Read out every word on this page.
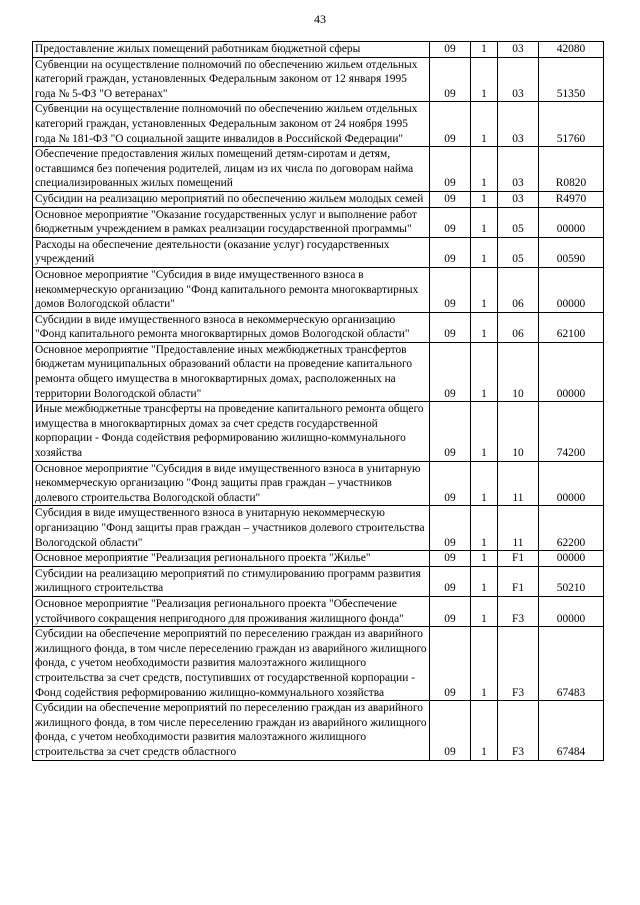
43
Предоставление жилых помещений работникам бюджетной сферы	09	1	03	42080
Субвенции на осуществление полномочий по обеспечению жильем отдельных категорий граждан, установленных Федеральным законом от 12 января 1995 года № 5-ФЗ "О ветеранах"	09	1	03	51350
Субвенции на осуществление полномочий по обеспечению жильем отдельных категорий граждан, установленных Федеральным законом от 24 ноября 1995 года № 181-ФЗ "О социальной защите инвалидов в Российской Федерации"	09	1	03	51760
Обеспечение предоставления жилых помещений детям-сиротам и детям, оставшимся без попечения родителей, лицам из их числа по договорам найма специализированных жилых помещений	09	1	03	R0820
Субсидии на реализацию мероприятий по обеспечению жильем молодых семей	09	1	03	R4970
Основное мероприятие "Оказание государственных услуг и выполнение работ бюджетным учреждением в рамках реализации государственной программы"	09	1	05	00000
Расходы на обеспечение деятельности (оказание услуг) государственных учреждений	09	1	05	00590
Основное мероприятие "Субсидия в виде имущественного взноса в некоммерческую организацию "Фонд капитального ремонта многоквартирных домов Вологодской области"	09	1	06	00000
Субсидии в виде имущественного взноса в некоммерческую организацию "Фонд капитального ремонта многоквартирных домов Вологодской области"	09	1	06	62100
Основное мероприятие "Предоставление иных межбюджетных трансфертов бюджетам муниципальных образований области на проведение капитального ремонта общего имущества в многоквартирных домах, расположенных на территории Вологодской области"	09	1	10	00000
Иные межбюджетные трансферты на проведение капитального ремонта общего имущества в многоквартирных домах за счет средств государственной корпорации - Фонда содействия реформированию жилищно-коммунального хозяйства	09	1	10	74200
Основное мероприятие "Субсидия в виде имущественного взноса в унитарную некоммерческую организацию "Фонд защиты прав граждан – участников долевого строительства Вологодской области"	09	1	11	00000
Субсидия в виде имущественного взноса в унитарную некоммерческую организацию "Фонд защиты прав граждан – участников долевого строительства Вологодской области"	09	1	11	62200
Основное мероприятие "Реализация регионального проекта "Жилье"	09	1	F1	00000
Субсидии на реализацию мероприятий по стимулированию программ развития жилищного строительства	09	1	F1	50210
Основное мероприятие "Реализация регионального проекта "Обеспечение устойчивого сокращения непригодного для проживания жилищного фонда"	09	1	F3	00000
Субсидии на обеспечение мероприятий по переселению граждан из аварийного жилищного фонда, в том числе переселению граждан из аварийного жилищного фонда, с учетом необходимости развития малоэтажного жилищного строительства за счет средств, поступивших от государственной корпорации - Фонд содействия реформированию жилищно-коммунального хозяйства	09	1	F3	67483
Субсидии на обеспечение мероприятий по переселению граждан из аварийного жилищного фонда, в том числе переселению граждан из аварийного жилищного фонда, с учетом необходимости развития малоэтажного жилищного строительства за счет средств областного	09	1	F3	67484
